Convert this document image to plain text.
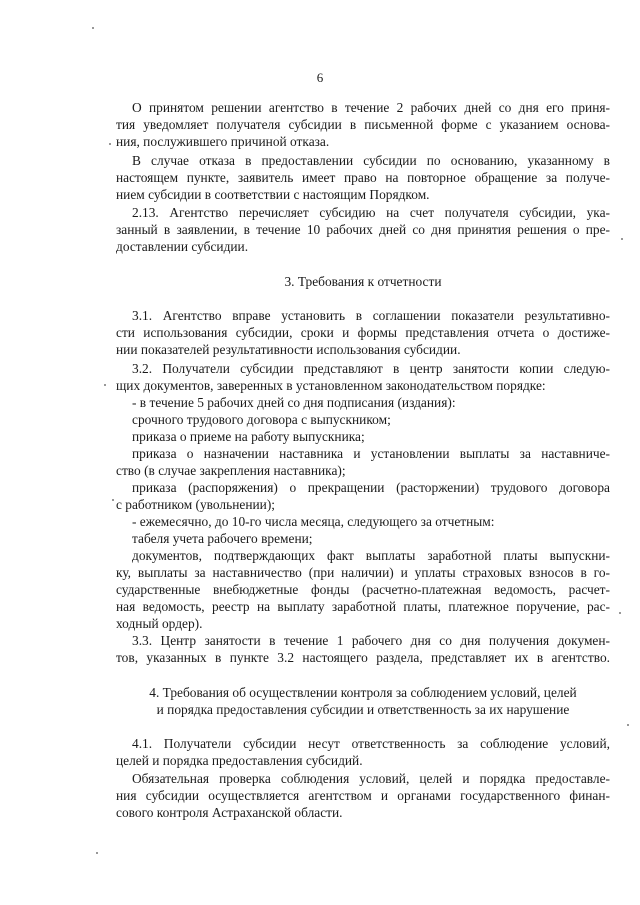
6
О принятом решении агентство в течение 2 рабочих дней со дня его приня-
тия уведомляет получателя субсидии в письменной форме с указанием основа-
ния, послужившего причиной отказа.
В случае отказа в предоставлении субсидии по основанию, указанному в
настоящем пункте, заявитель имеет право на повторное обращение за получе-
нием субсидии в соответствии с настоящим Порядком.
2.13. Агентство перечисляет субсидию на счет получателя субсидии, ука-
занный в заявлении, в течение 10 рабочих дней со дня принятия решения о пре-
доставлении субсидии.
3. Требования к отчетности
3.1. Агентство вправе установить в соглашении показатели результативно-
сти использования субсидии, сроки и формы представления отчета о достиже-
нии показателей результативности использования субсидии.
3.2. Получатели субсидии представляют в центр занятости копии следую-
щих документов, заверенных в установленном законодательством порядке:
- в течение 5 рабочих дней со дня подписания (издания):
срочного трудового договора с выпускником;
приказа о приеме на работу выпускника;
приказа о назначении наставника и установлении выплаты за наставниче-
ство (в случае закрепления наставника);
приказа (распоряжения) о прекращении (расторжении) трудового договора
с работником (увольнении);
- ежемесячно, до 10-го числа месяца, следующего за отчетным:
табеля учета рабочего времени;
документов, подтверждающих факт выплаты заработной платы выпускни-
ку, выплаты за наставничество (при наличии) и уплаты страховых взносов в го-
сударственные внебюджетные фонды (расчетно-платежная ведомость, расчет-
ная ведомость, реестр на выплату заработной платы, платежное поручение, рас-
ходный ордер).
3.3. Центр занятости в течение 1 рабочего дня со дня получения докумен-
тов, указанных в пункте 3.2 настоящего раздела, представляет их в агентство.
4. Требования об осуществлении контроля за соблюдением условий, целей
и порядка предоставления субсидии и ответственность за их нарушение
4.1. Получатели субсидии несут ответственность за соблюдение условий,
целей и порядка предоставления субсидий.
Обязательная проверка соблюдения условий, целей и порядка предоставле-
ния субсидии осуществляется агентством и органами государственного финан-
сового контроля Астраханской области.
